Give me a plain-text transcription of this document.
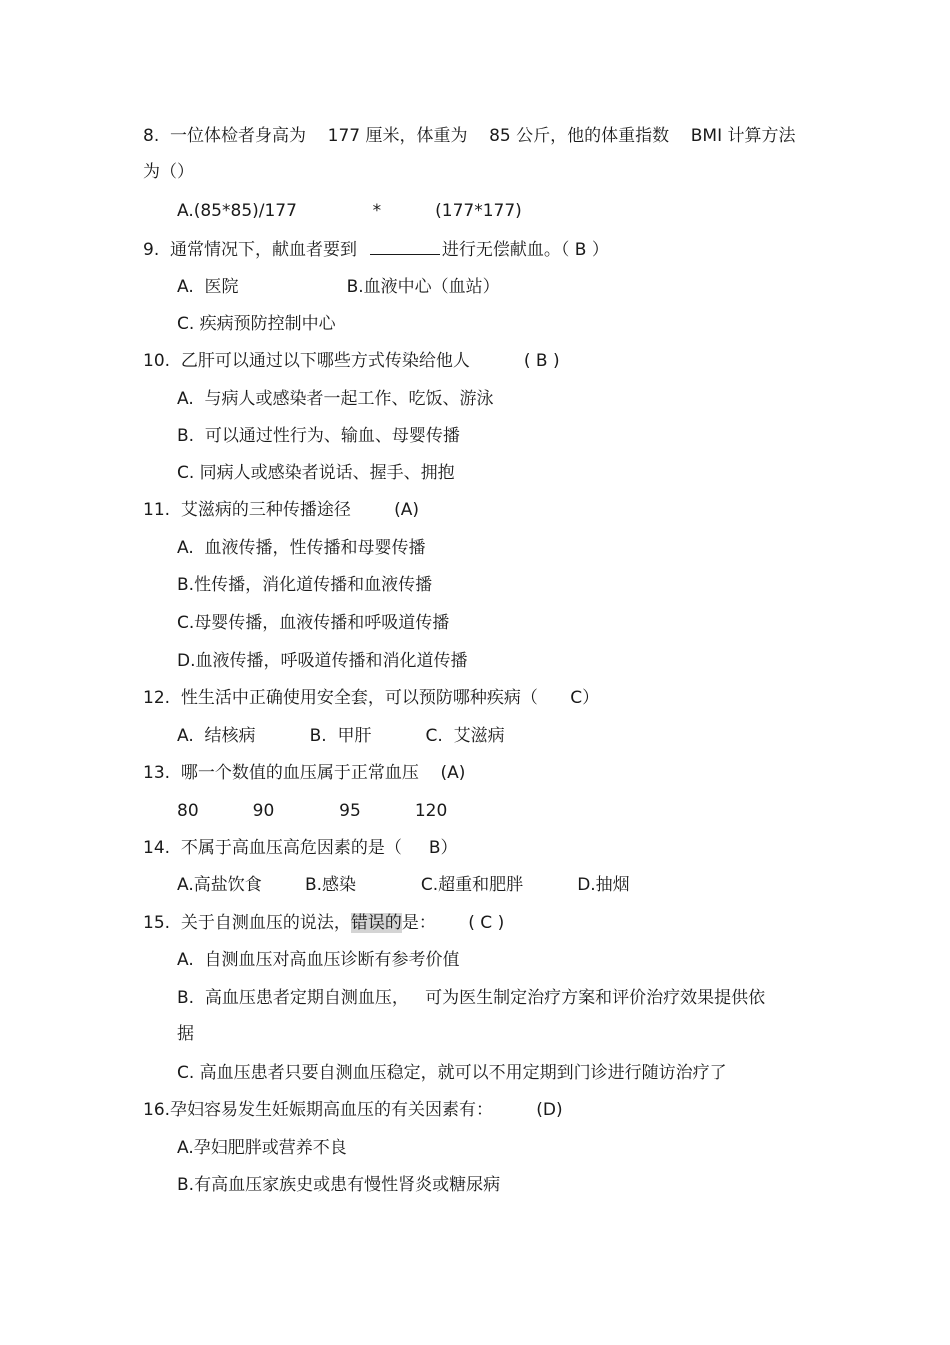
8.  一位体检者身高为    177 厘米，体重为    85 公斤，他的体重指数    BMI 计算方法
为（）
A.(85*85)/177              *          (177*177)
9.  通常情况下，献血者要到	进行无偿献血。（ B ）
A.  医院                    B.血液中心（血站）
C. 疾病预防控制中心
10.  乙肝可以通过以下哪些方式传染给他人          ( B )
A.  与病人或感染者一起工作、吃饭、游泳
B.  可以通过性行为、输血、母婴传播
C. 同病人或感染者说话、握手、拥抱
11.  艾滋病的三种传播途径        (A)
A.  血液传播，性传播和母婴传播
B.性传播，消化道传播和血液传播
C.母婴传播，血液传播和呼吸道传播
D.血液传播，呼吸道传播和消化道传播
12.  性生活中正确使用安全套，可以预防哪种疾病（      C）
A.  结核病          B.  甲肝          C.  艾滋病
13.  哪一个数值的血压属于正常血压    (A)
80          90            95          120
14.  不属于高血压高危因素的是（     B）
A.高盐饮食        B.感染            C.超重和肥胖          D.抽烟
15.  关于自测血压的说法，错误的是：      ( C )
A.  自测血压对高血压诊断有参考价值
B.  高血压患者定期自测血压，   可为医生制定治疗方案和评价治疗效果提供依
据
C. 高血压患者只要自测血压稳定，就可以不用定期到门诊进行随访治疗了
16.孕妇容易发生妊娠期高血压的有关因素有：        (D)
A.孕妇肥胖或营养不良
B.有高血压家族史或患有慢性肾炎或糖尿病
